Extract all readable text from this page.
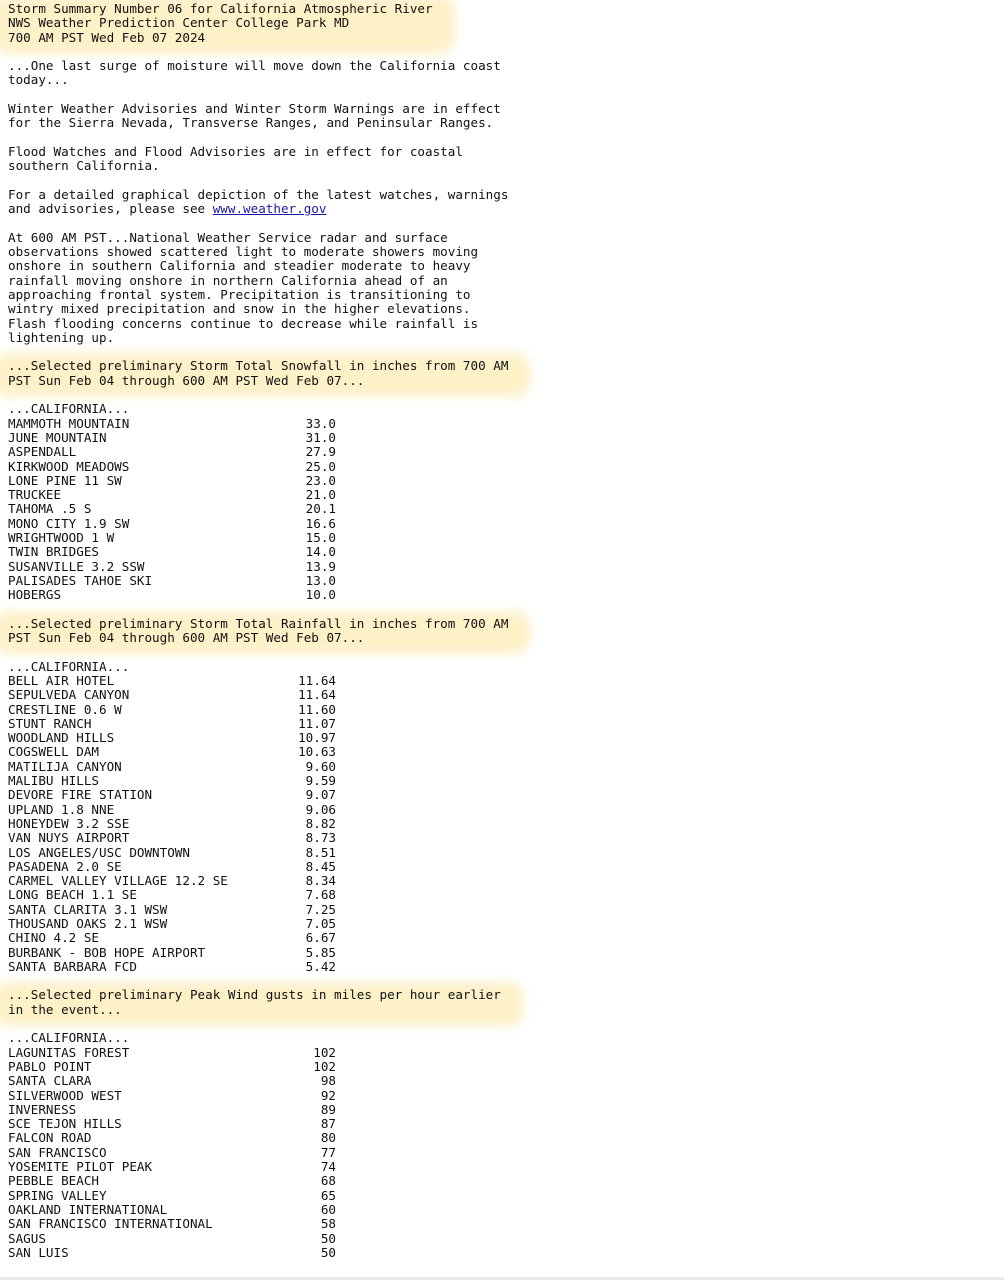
Storm Summary Number 06 for California Atmospheric River
NWS Weather Prediction Center College Park MD
700 AM PST Wed Feb 07 2024
...One last surge of moisture will move down the California coast
today...
Winter Weather Advisories and Winter Storm Warnings are in effect
for the Sierra Nevada, Transverse Ranges, and Peninsular Ranges.
Flood Watches and Flood Advisories are in effect for coastal
southern California.
For a detailed graphical depiction of the latest watches, warnings
and advisories, please see www.weather.gov
At 600 AM PST...National Weather Service radar and surface
observations showed scattered light to moderate showers moving
onshore in southern California and steadier moderate to heavy
rainfall moving onshore in northern California ahead of an
approaching frontal system. Precipitation is transitioning to
wintry mixed precipitation and snow in the higher elevations.
Flash flooding concerns continue to decrease while rainfall is
lightening up.
...Selected preliminary Storm Total Snowfall in inches from 700 AM
PST Sun Feb 04 through 600 AM PST Wed Feb 07...
...CALIFORNIA...
MAMMOTH MOUNTAIN	33.0
JUNE MOUNTAIN	31.0
ASPENDALL	27.9
KIRKWOOD MEADOWS	25.0
LONE PINE 11 SW	23.0
TRUCKEE	21.0
TAHOMA .5 S	20.1
MONO CITY 1.9 SW	16.6
WRIGHTWOOD 1 W	15.0
TWIN BRIDGES	14.0
SUSANVILLE 3.2 SSW	13.9
PALISADES TAHOE SKI	13.0
HOBERGS	10.0
...Selected preliminary Storm Total Rainfall in inches from 700 AM
PST Sun Feb 04 through 600 AM PST Wed Feb 07...
...CALIFORNIA...
BELL AIR HOTEL	11.64
SEPULVEDA CANYON	11.64
CRESTLINE 0.6 W	11.60
STUNT RANCH	11.07
WOODLAND HILLS	10.97
COGSWELL DAM	10.63
MATILIJA CANYON	9.60
MALIBU HILLS	9.59
DEVORE FIRE STATION	9.07
UPLAND 1.8 NNE	9.06
HONEYDEW 3.2 SSE	8.82
VAN NUYS AIRPORT	8.73
LOS ANGELES/USC DOWNTOWN	8.51
PASADENA 2.0 SE	8.45
CARMEL VALLEY VILLAGE 12.2 SE	8.34
LONG BEACH 1.1 SE	7.68
SANTA CLARITA 3.1 WSW	7.25
THOUSAND OAKS 2.1 WSW	7.05
CHINO 4.2 SE	6.67
BURBANK - BOB HOPE AIRPORT	5.85
SANTA BARBARA FCD	5.42
...Selected preliminary Peak Wind gusts in miles per hour earlier
in the event...
...CALIFORNIA...
LAGUNITAS FOREST	102
PABLO POINT	102
SANTA CLARA	98
SILVERWOOD WEST	92
INVERNESS	89
SCE TEJON HILLS	87
FALCON ROAD	80
SAN FRANCISCO	77
YOSEMITE PILOT PEAK	74
PEBBLE BEACH	68
SPRING VALLEY	65
OAKLAND INTERNATIONAL	60
SAN FRANCISCO INTERNATIONAL	58
SAGUS	50
SAN LUIS	50
